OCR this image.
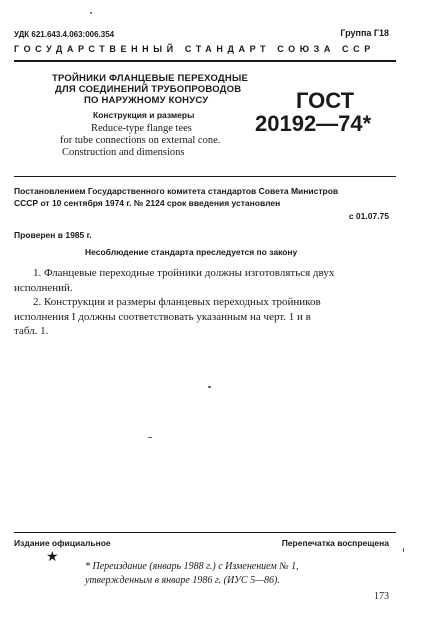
УДК 621.643.4.063:006.354	Группа Г18
ГОСУДАРСТВЕННЫЙ СТАНДАРТ СОЮЗА ССР
ТРОЙНИКИ ФЛАНЦЕВЫЕ ПЕРЕХОДНЫЕ
ДЛЯ СОЕДИНЕНИЙ ТРУБОПРОВОДОВ
ПО НАРУЖНОМУ КОНУСУ
Конструкция и размеры
Reduce-type flange tees
for tube connections on external cone.
Construction and dimensions
ГОСТ
20192—74*
Постановлением Государственного комитета стандартов Совета Министров
СССР от 10 сентября 1974 г. № 2124 срок введения установлен
с 01.07.75
Проверен в 1985 г.
Несоблюдение стандарта преследуется по закону
1. Фланцевые переходные тройники должны изготовляться двух
исполнений.
2. Конструкция и размеры фланцевых переходных тройников
исполнения I должны соответствовать указанным на черт. 1 и в
табл. 1.
Издание официальное	Перепечатка воспрещена
★
* Переиздание (январь 1988 г.) с Изменением № 1,
утвержденным в январе 1986 г. (ИУС 5—86).
173
